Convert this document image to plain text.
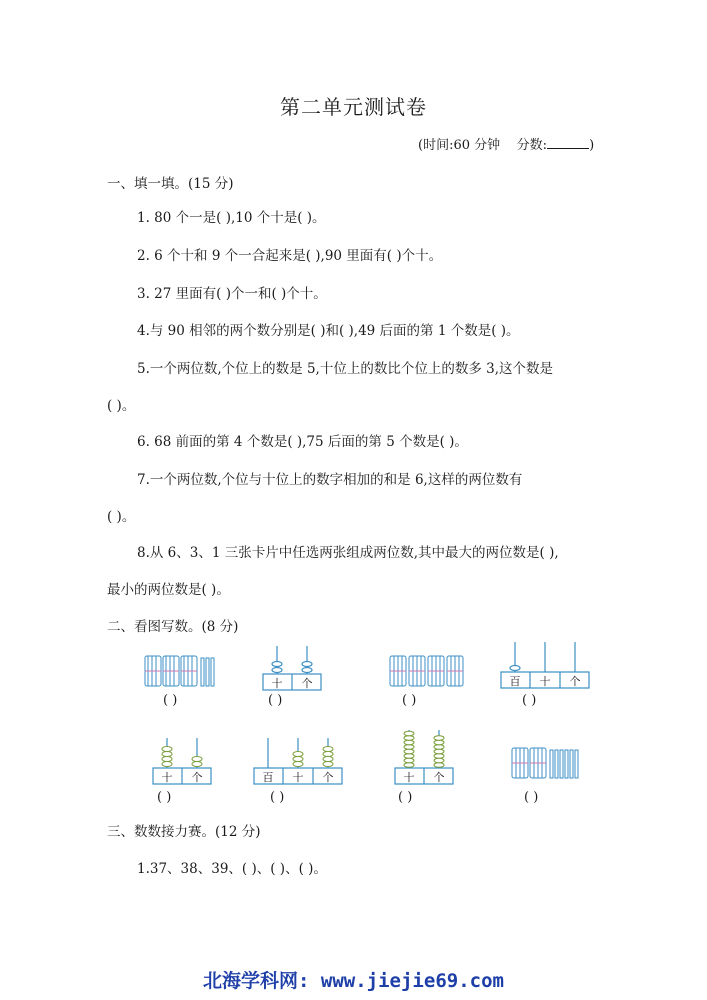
第二单元测试卷
(时间:60 分钟 分数:	)
一、填一填。(15 分)
1. 80 个一是( ),10 个十是( )。
2. 6 个十和 9 个一合起来是( ),90 里面有( )个十。
3. 27 里面有( )个一和( )个十。
4.与 90 相邻的两个数分别是( )和( ),49 后面的第 1 个数是( )。
5.一个两位数,个位上的数是 5,十位上的数比个位上的数多 3,这个数是
( )。
6. 68 前面的第 4 个数是( ),75 后面的第 5 个数是( )。
7.一个两位数,个位与十位上的数字相加的和是 6,这样的两位数有
( )。
8.从 6、3、1 三张卡片中任选两张组成两位数,其中最大的两位数是( ),
最小的两位数是( )。
二、看图写数。(8 分)
( )
十 个
( )	( )
百 十 个
( )
十 个
( )
百 十 个
( )
十 个
( )	( )
三、数数接力赛。(12 分)
1.37、38、39、( )、( )、( )。
北海学科网: www.jiejie69.com
